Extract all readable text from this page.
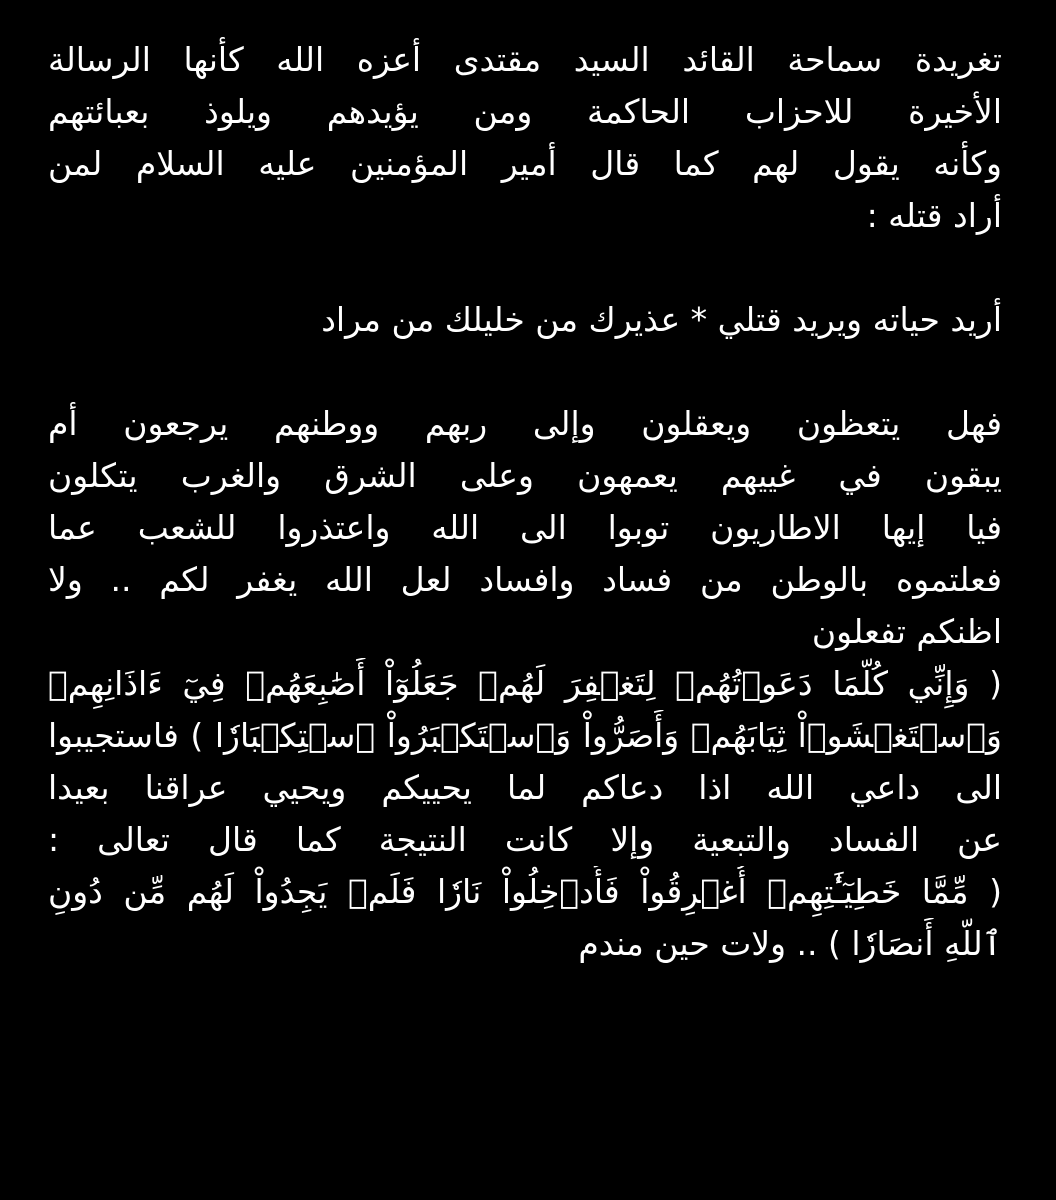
تغريدة سماحة القائد السيد مقتدى أعزه الله كأنها الرسالة
الأخيرة للاحزاب الحاكمة ومن يؤيدهم ويلوذ بعبائتهم
وكأنه يقول لهم كما قال أمير المؤمنين عليه السلام لمن
أراد قتله :
أريد حياته ويريد قتلي * عذيرك من خليلك من مراد
فهل يتعظون ويعقلون وإلى ربهم ووطنهم يرجعون أم
يبقون في غييهم يعمهون وعلى الشرق والغرب يتكلون
فيا إيها الاطاريون توبوا الى الله واعتذروا للشعب عما
فعلتموه بالوطن من فساد وافساد لعل الله يغفر لكم .. ولا
اظنكم تفعلون
( وَإِنِّي كُلَّمَا دَعَوۡتُهُمۡ لِتَغۡفِرَ لَهُمۡ جَعَلُوٓاْ أَصَٰبِعَهُمۡ فِيٓ ءَاذَانِهِمۡ
وَٱسۡتَغۡشَوۡاْ ثِيَابَهُمۡ وَأَصَرُّواْ وَٱسۡتَكۡبَرُواْ ٱسۡتِكۡبَارٗا ) فاستجيبوا
الى داعي الله اذا دعاكم لما يحييكم ويحيي عراقنا بعيدا
عن الفساد والتبعية وإلا كانت النتيجة كما قال تعالى :
( مِّمَّا خَطِيٓـَٰٔتِهِمۡ أُغۡرِقُواْ فَأُدۡخِلُواْ نَارٗا فَلَمۡ يَجِدُواْ لَهُم مِّن دُونِ
ٱللَّهِ أَنصَارٗا ) .. ولات حين مندم
